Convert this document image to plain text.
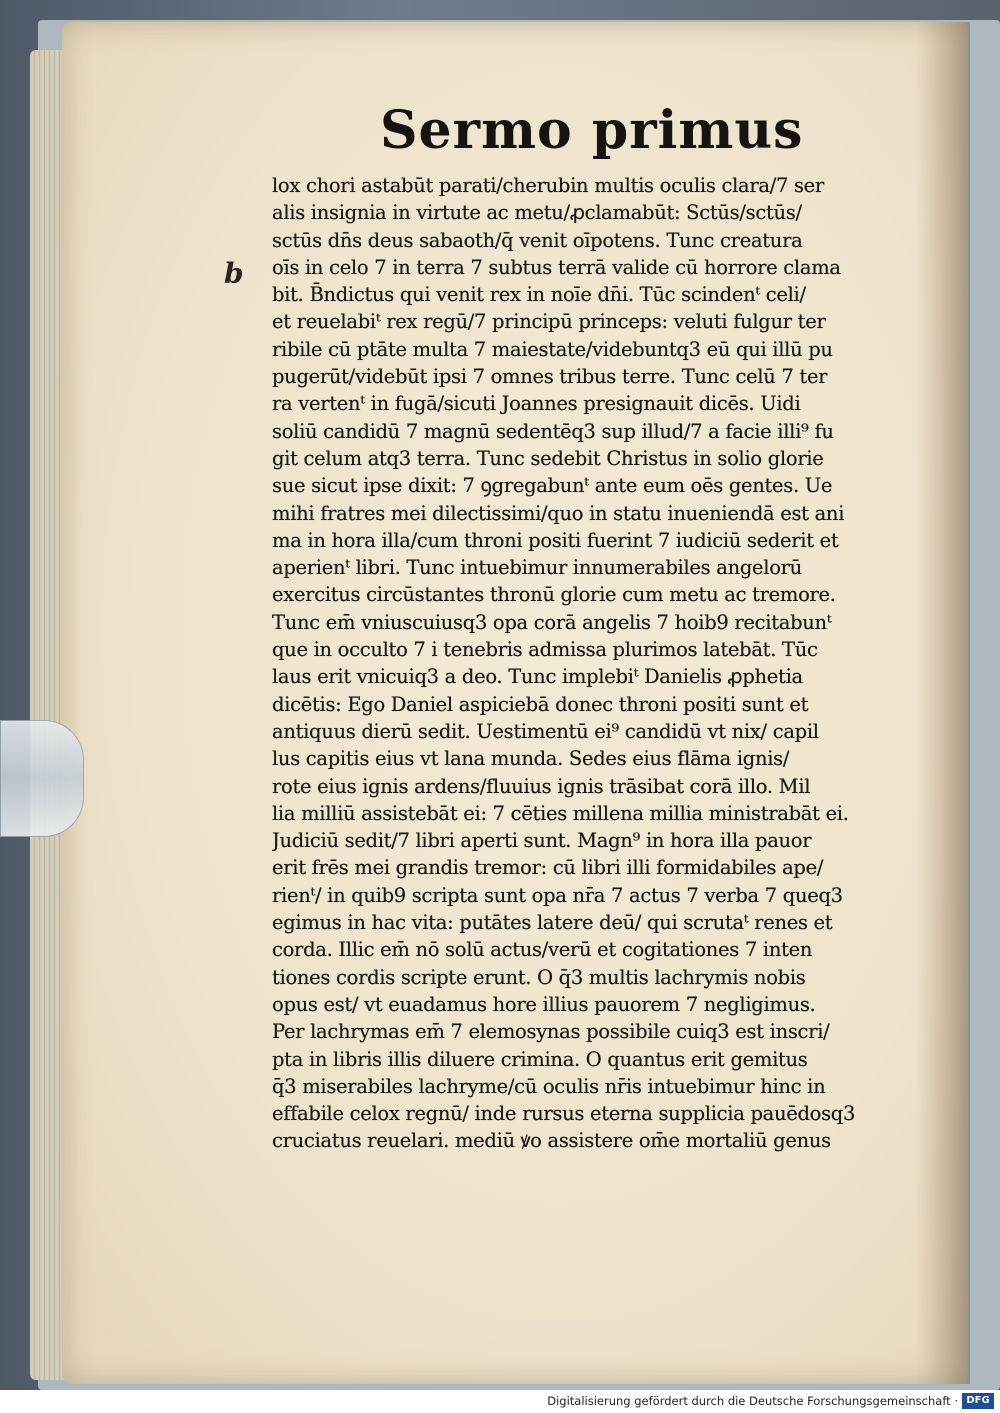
Sermo primus
b
lox chori astabūt parati/cherubin multis oculis clara/7 ser
alis insignia in virtute ac metu/ꝓclamabūt: Sctūs/sctūs/
sctūs dn̄s deus sabaoth/q̄ venit oīpotens. Tunc creatura
oīs in celo 7 in terra 7 subtus terrā valide cū horrore clama
bit. B̄ndictus qui venit rex in noīe dn̄i. Tūc scindenᵗ celi/
et reuelabiᵗ rex regū/7 principū princeps: veluti fulgur ter
ribile cū ptāte multa 7 maiestate/videbuntq3 eū qui illū pu
pugerūt/videbūt ipsi 7 omnes tribus terre. Tunc celū 7 ter
ra vertenᵗ in fugā/sicuti Joannes presignauit dicēs. Uidi
soliū candidū 7 magnū sedentēq3 sup illud/7 a facie illi⁹ fu
git celum atq3 terra. Tunc sedebit Christus in solio glorie
sue sicut ipse dixit: 7 ꝯgregabunᵗ ante eum oēs gentes. Ue
mihi fratres mei dilectissimi/quo in statu inueniendā est ani
ma in hora illa/cum throni positi fuerint 7 iudiciū sederit et
aperienᵗ libri. Tunc intuebimur innumerabiles angelorū
exercitus circūstantes thronū glorie cum metu ac tremore.
Tunc em̄ vniuscuiusq3 opa corā angelis 7 hoib9 recitabunᵗ
que in occulto 7 i tenebris admissa plurimos latebāt. Tūc
laus erit vnicuiq3 a deo. Tunc implebiᵗ Danielis ꝓphetia
dicētis: Ego Daniel aspiciebā donec throni positi sunt et
antiquus dierū sedit. Uestimentū ei⁹ candidū vt nix/ capil
lus capitis eius vt lana munda. Sedes eius flāma ignis/
rote eius ignis ardens/fluuius ignis trāsibat corā illo. Mil
lia milliū assistebāt ei: 7 cēties millena millia ministrabāt ei.
Judiciū sedit/7 libri aperti sunt. Magn⁹ in hora illa pauor
erit frēs mei grandis tremor: cū libri illi formidabiles ape/
rienᵗ/ in quib9 scripta sunt opa nr̄a 7 actus 7 verba 7 queq3
egimus in hac vita: putātes latere deū/ qui scrutaᵗ renes et
corda. Illic em̄ nō solū actus/verū et cogitationes 7 inten
tiones cordis scripte erunt. O q̄3 multis lachrymis nobis
opus est/ vt euadamus hore illius pauorem 7 negligimus.
Per lachrymas em̄ 7 elemosynas possibile cuiq3 est inscri/
pta in libris illis diluere crimina. O quantus erit gemitus
q̄3 miserabiles lachryme/cū oculis nr̄is intuebimur hinc in
effabile celox regnū/ inde rursus eterna supplicia pauēdosq3
cruciatus reuelari. mediū ꝟo assistere om̄e mortaliū genus
Digitalisierung gefördert durch die Deutsche Forschungsgemeinschaft · DFG
